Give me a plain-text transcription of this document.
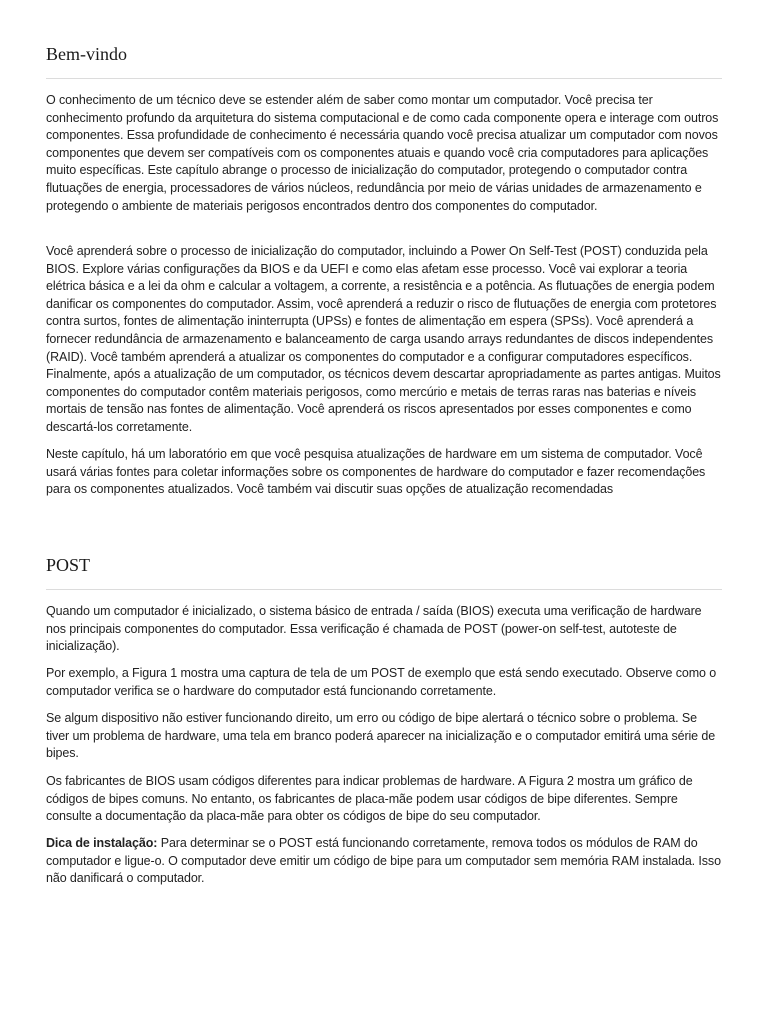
Bem-vindo

O conhecimento de um técnico deve se estender além de saber como montar um computador. Você precisa ter conhecimento profundo da arquitetura do sistema computacional e de como cada componente opera e interage com outros componentes. Essa profundidade de conhecimento é necessária quando você precisa atualizar um computador com novos componentes que devem ser compatíveis com os componentes atuais e quando você cria computadores para aplicações muito específicas. Este capítulo abrange o processo de inicialização do computador, protegendo o computador contra flutuações de energia, processadores de vários núcleos, redundância por meio de várias unidades de armazenamento e protegendo o ambiente de materiais perigosos encontrados dentro dos componentes do computador.

Você aprenderá sobre o processo de inicialização do computador, incluindo a Power On Self-Test (POST) conduzida pela BIOS. Explore várias configurações da BIOS e da UEFI e como elas afetam esse processo. Você vai explorar a teoria elétrica básica e a lei da ohm e calcular a voltagem, a corrente, a resistência e a potência. As flutuações de energia podem danificar os componentes do computador. Assim, você aprenderá a reduzir o risco de flutuações de energia com protetores contra surtos, fontes de alimentação ininterrupta (UPSs) e fontes de alimentação em espera (SPSs). Você aprenderá a fornecer redundância de armazenamento e balanceamento de carga usando arrays redundantes de discos independentes (RAID). Você também aprenderá a atualizar os componentes do computador e a configurar computadores específicos. Finalmente, após a atualização de um computador, os técnicos devem descartar apropriadamente as partes antigas. Muitos componentes do computador contêm materiais perigosos, como mercúrio e metais de terras raras nas baterias e níveis mortais de tensão nas fontes de alimentação. Você aprenderá os riscos apresentados por esses componentes e como descartá-los corretamente.

Neste capítulo, há um laboratório em que você pesquisa atualizações de hardware em um sistema de computador. Você usará várias fontes para coletar informações sobre os componentes de hardware do computador e fazer recomendações para os componentes atualizados. Você também vai discutir suas opções de atualização recomendadas

POST

Quando um computador é inicializado, o sistema básico de entrada / saída (BIOS) executa uma verificação de hardware nos principais componentes do computador. Essa verificação é chamada de POST (power-on self-test, autoteste de inicialização).

Por exemplo, a Figura 1 mostra uma captura de tela de um POST de exemplo que está sendo executado. Observe como o computador verifica se o hardware do computador está funcionando corretamente.

Se algum dispositivo não estiver funcionando direito, um erro ou código de bipe alertará o técnico sobre o problema. Se tiver um problema de hardware, uma tela em branco poderá aparecer na inicialização e o computador emitirá uma série de bipes.

Os fabricantes de BIOS usam códigos diferentes para indicar problemas de hardware. A Figura 2 mostra um gráfico de códigos de bipes comuns. No entanto, os fabricantes de placa-mãe podem usar códigos de bipe diferentes. Sempre consulte a documentação da placa-mãe para obter os códigos de bipe do seu computador.

Dica de instalação: Para determinar se o POST está funcionando corretamente, remova todos os módulos de RAM do computador e ligue-o. O computador deve emitir um código de bipe para um computador sem memória RAM instalada. Isso não danificará o computador.
